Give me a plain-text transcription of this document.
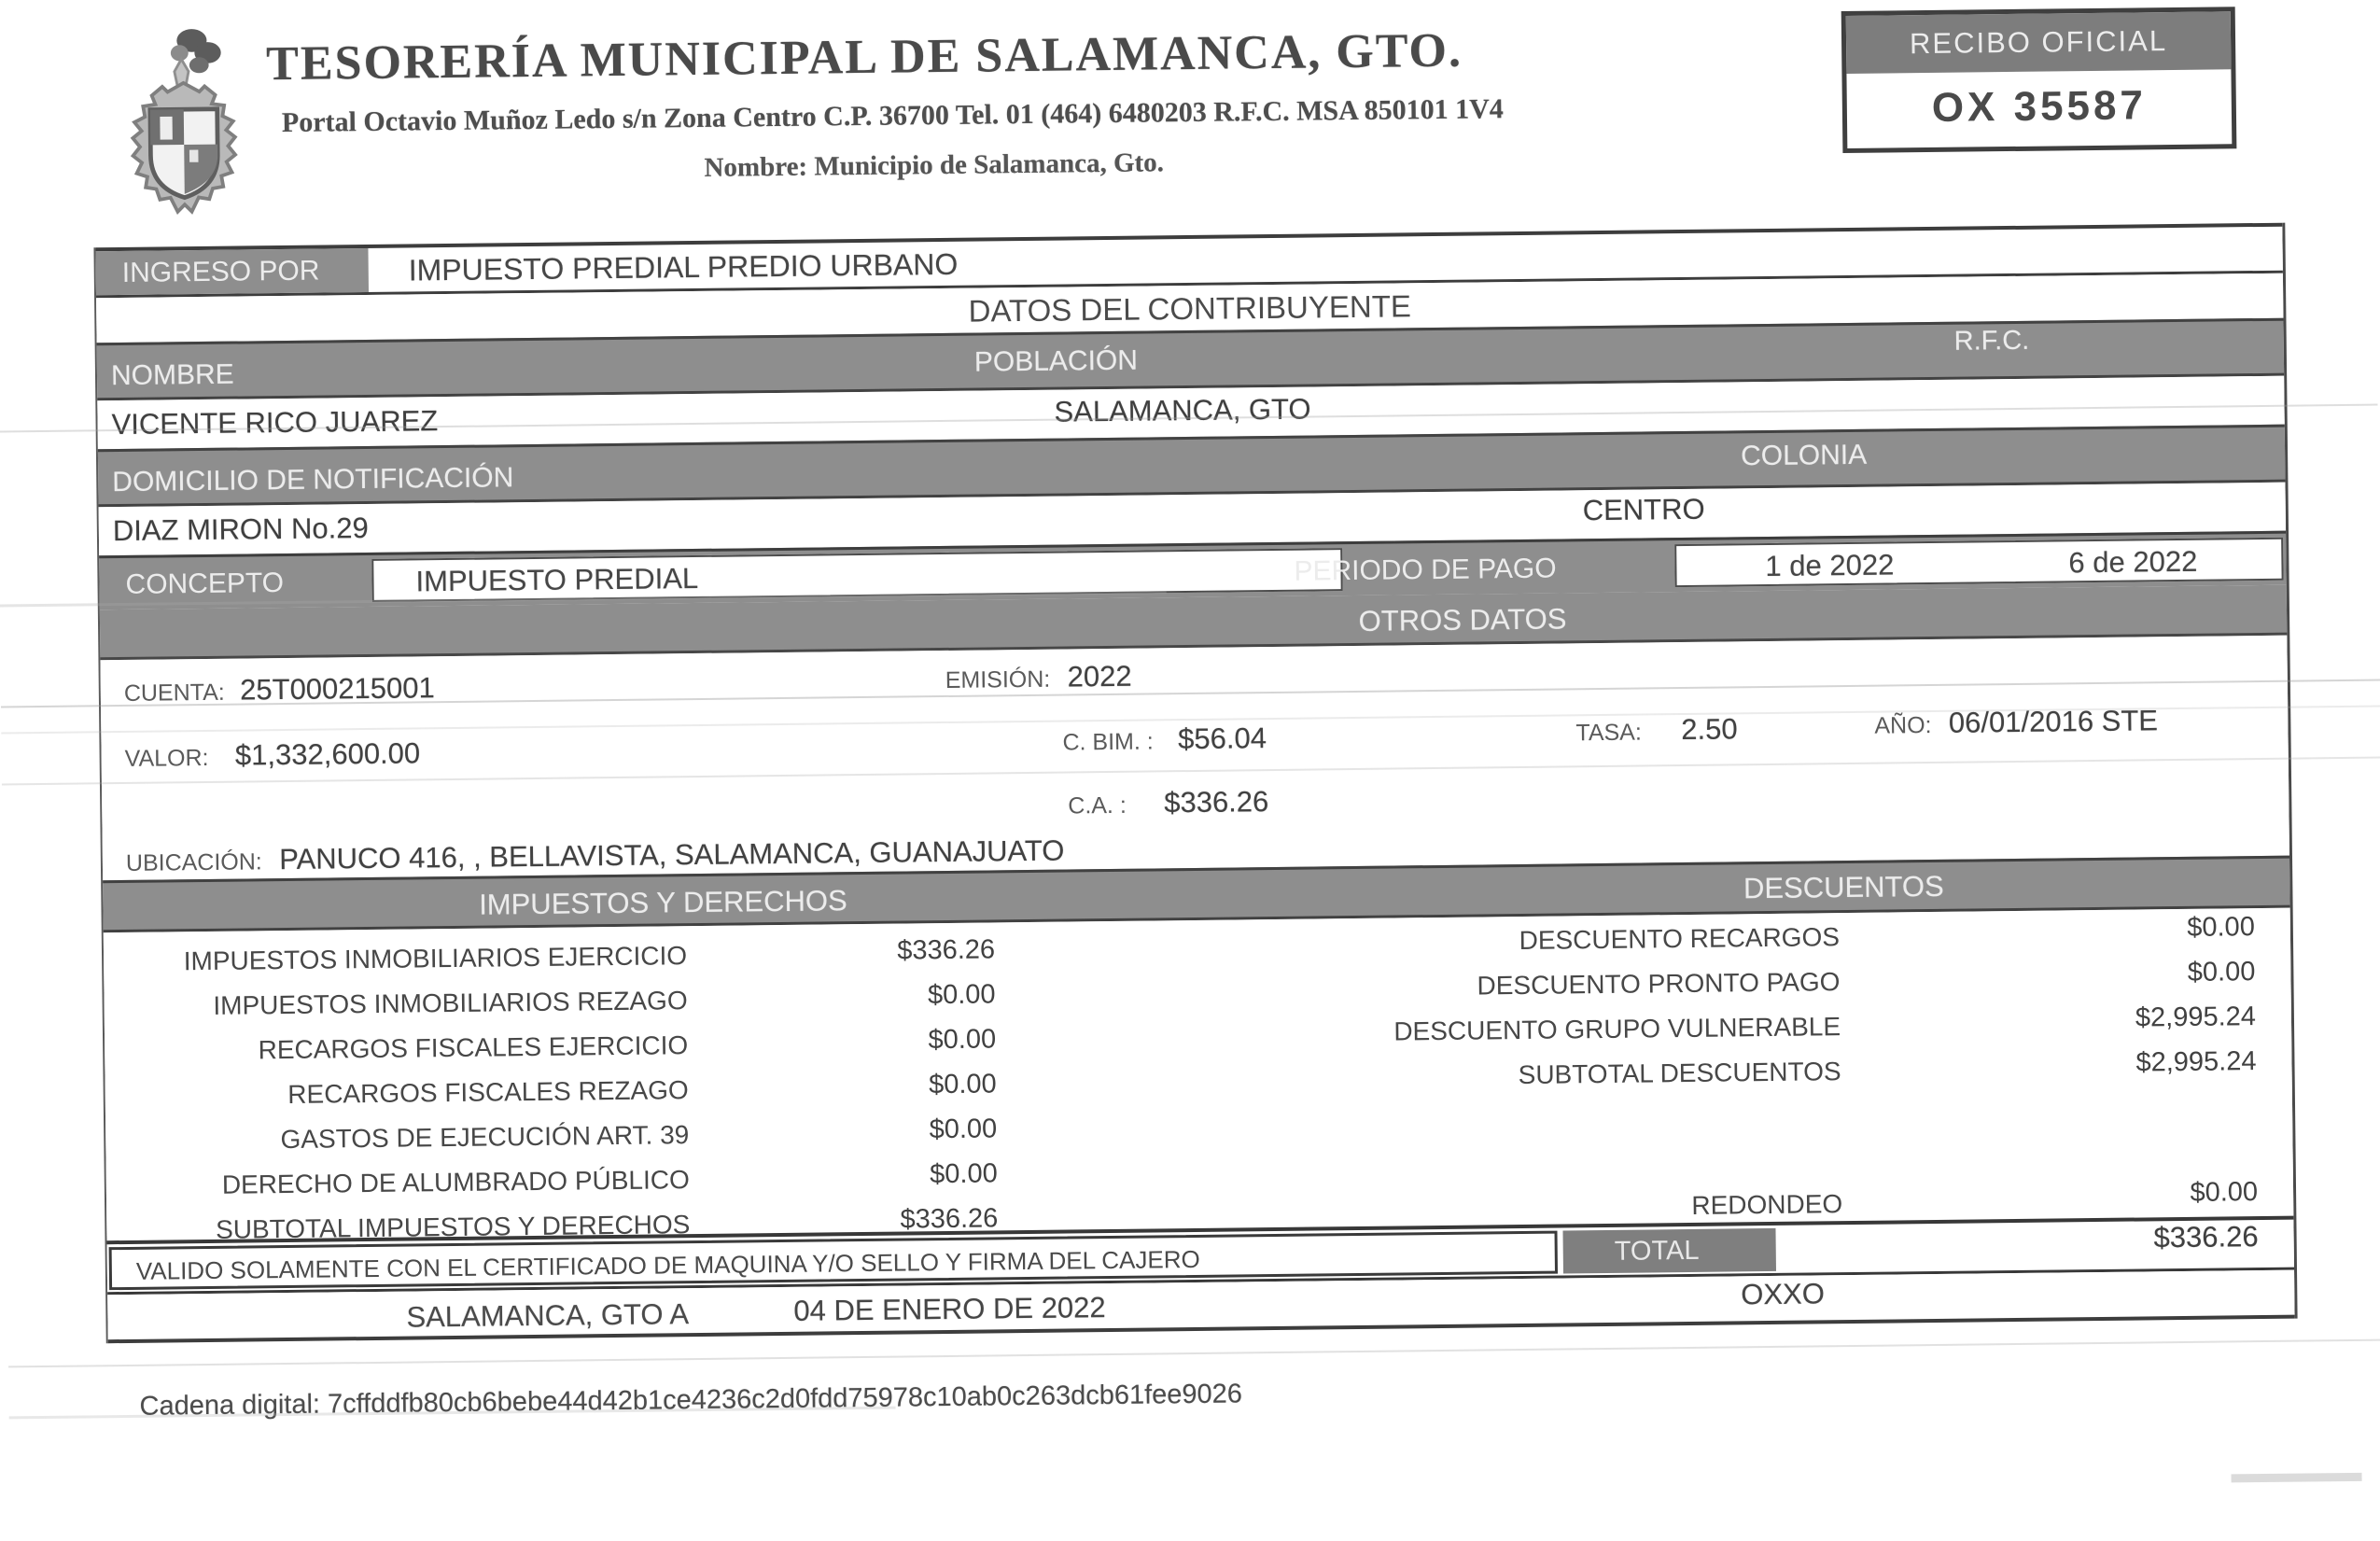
TESORERÍA MUNICIPAL DE SALAMANCA, GTO.
Portal Octavio Muñoz Ledo s/n Zona Centro C.P. 36700 Tel. 01 (464) 6480203 R.F.C. MSA 850101 1V4
Nombre: Municipio de Salamanca, Gto.
RECIBO OFICIAL
OX 35587
INGRESO POR	IMPUESTO PREDIAL PREDIO URBANO
DATOS DEL CONTRIBUYENTE
NOMBRE	POBLACIÓN
R.F.C.
VICENTE RICO JUAREZ	SALAMANCA, GTO
DOMICILIO DE NOTIFICACIÓN
COLONIA
DIAZ MIRON No.29
CENTRO
CONCEPTO	IMPUESTO PREDIAL	PERIODO DE PAGO	1 de 2022	6 de 2022
OTROS DATOS
CUENTA: 25T000215001	EMISIÓN: 2022
VALOR: $1,332,600.00	C. BIM. : $56.04	TASA: 2.50	AÑO: 06/01/2016 STE
C.A. : $336.26
UBICACIÓN: PANUCO 416, , BELLAVISTA, SALAMANCA, GUANAJUATO
IMPUESTOS Y DERECHOS	DESCUENTOS
IMPUESTOS INMOBILIARIOS EJERCICIO	$336.26
IMPUESTOS INMOBILIARIOS REZAGO	$0.00
RECARGOS FISCALES EJERCICIO	$0.00
RECARGOS FISCALES REZAGO	$0.00
GASTOS DE EJECUCIÓN ART. 39	$0.00
DERECHO DE ALUMBRADO PÚBLICO	$0.00
SUBTOTAL IMPUESTOS Y DERECHOS	$336.26
DESCUENTO RECARGOS	$0.00
DESCUENTO PRONTO PAGO	$0.00
DESCUENTO GRUPO VULNERABLE	$2,995.24
SUBTOTAL DESCUENTOS	$2,995.24
REDONDEO	$0.00
VALIDO SOLAMENTE CON EL CERTIFICADO DE MAQUINA Y/O SELLO Y FIRMA DEL CAJERO	TOTAL	$336.26
SALAMANCA, GTO A	04 DE ENERO DE 2022	OXXO
Cadena digital: 7cffddfb80cb6bebe44d42b1ce4236c2d0fdd75978c10ab0c263dcb61fee9026
